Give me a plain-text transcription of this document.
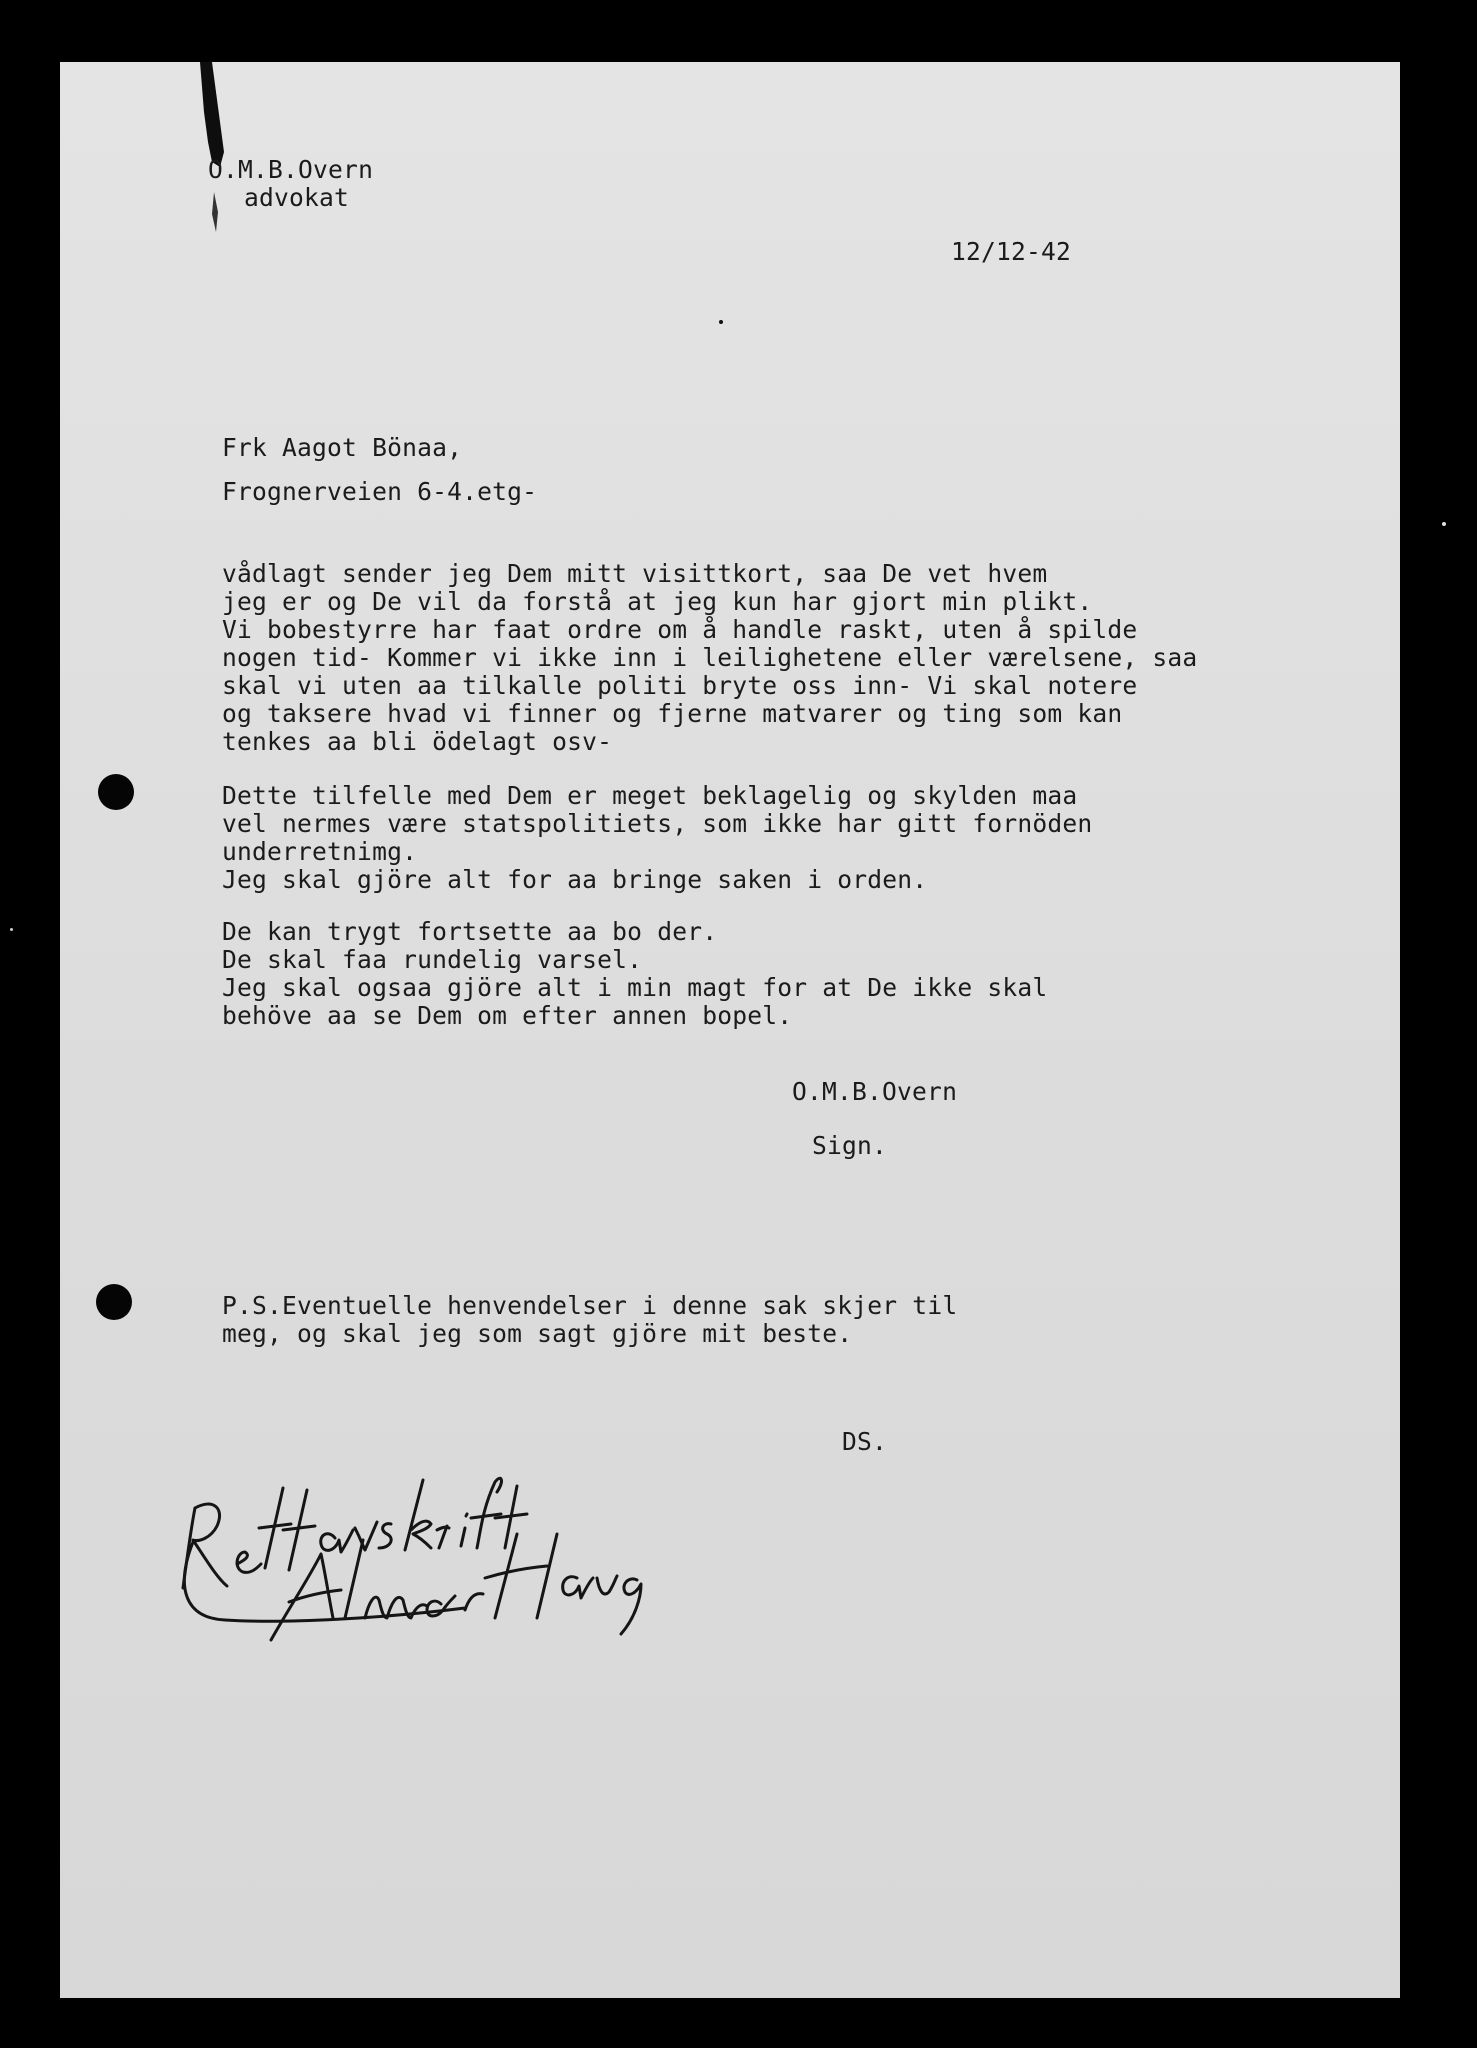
O.M.B.Overn
advokat
12/12-42
Frk Aagot Bönaa,
Frognerveien 6-4.etg-
vådlagt sender jeg Dem mitt visittkort, saa De vet hvem
jeg er og De vil da forstå at jeg kun har gjort min plikt.
Vi bobestyrre har faat ordre om å handle raskt, uten å spilde
nogen tid- Kommer vi ikke inn i leilighetene eller værelsene, saa
skal vi uten aa tilkalle politi bryte oss inn- Vi skal notere
og taksere hvad vi finner og fjerne matvarer og ting som kan
tenkes aa bli ödelagt osv-
Dette tilfelle med Dem er meget beklagelig og skylden maa
vel nermes være statspolitiets, som ikke har gitt fornöden
underretnimg.
Jeg skal gjöre alt for aa bringe saken i orden.
De kan trygt fortsette aa bo der.
De skal faa rundelig varsel.
Jeg skal ogsaa gjöre alt i min magt for at De ikke skal
behöve aa se Dem om efter annen bopel.
O.M.B.Overn
Sign.
P.S.Eventuelle henvendelser i denne sak skjer til
meg, og skal jeg som sagt gjöre mit beste.
DS.
